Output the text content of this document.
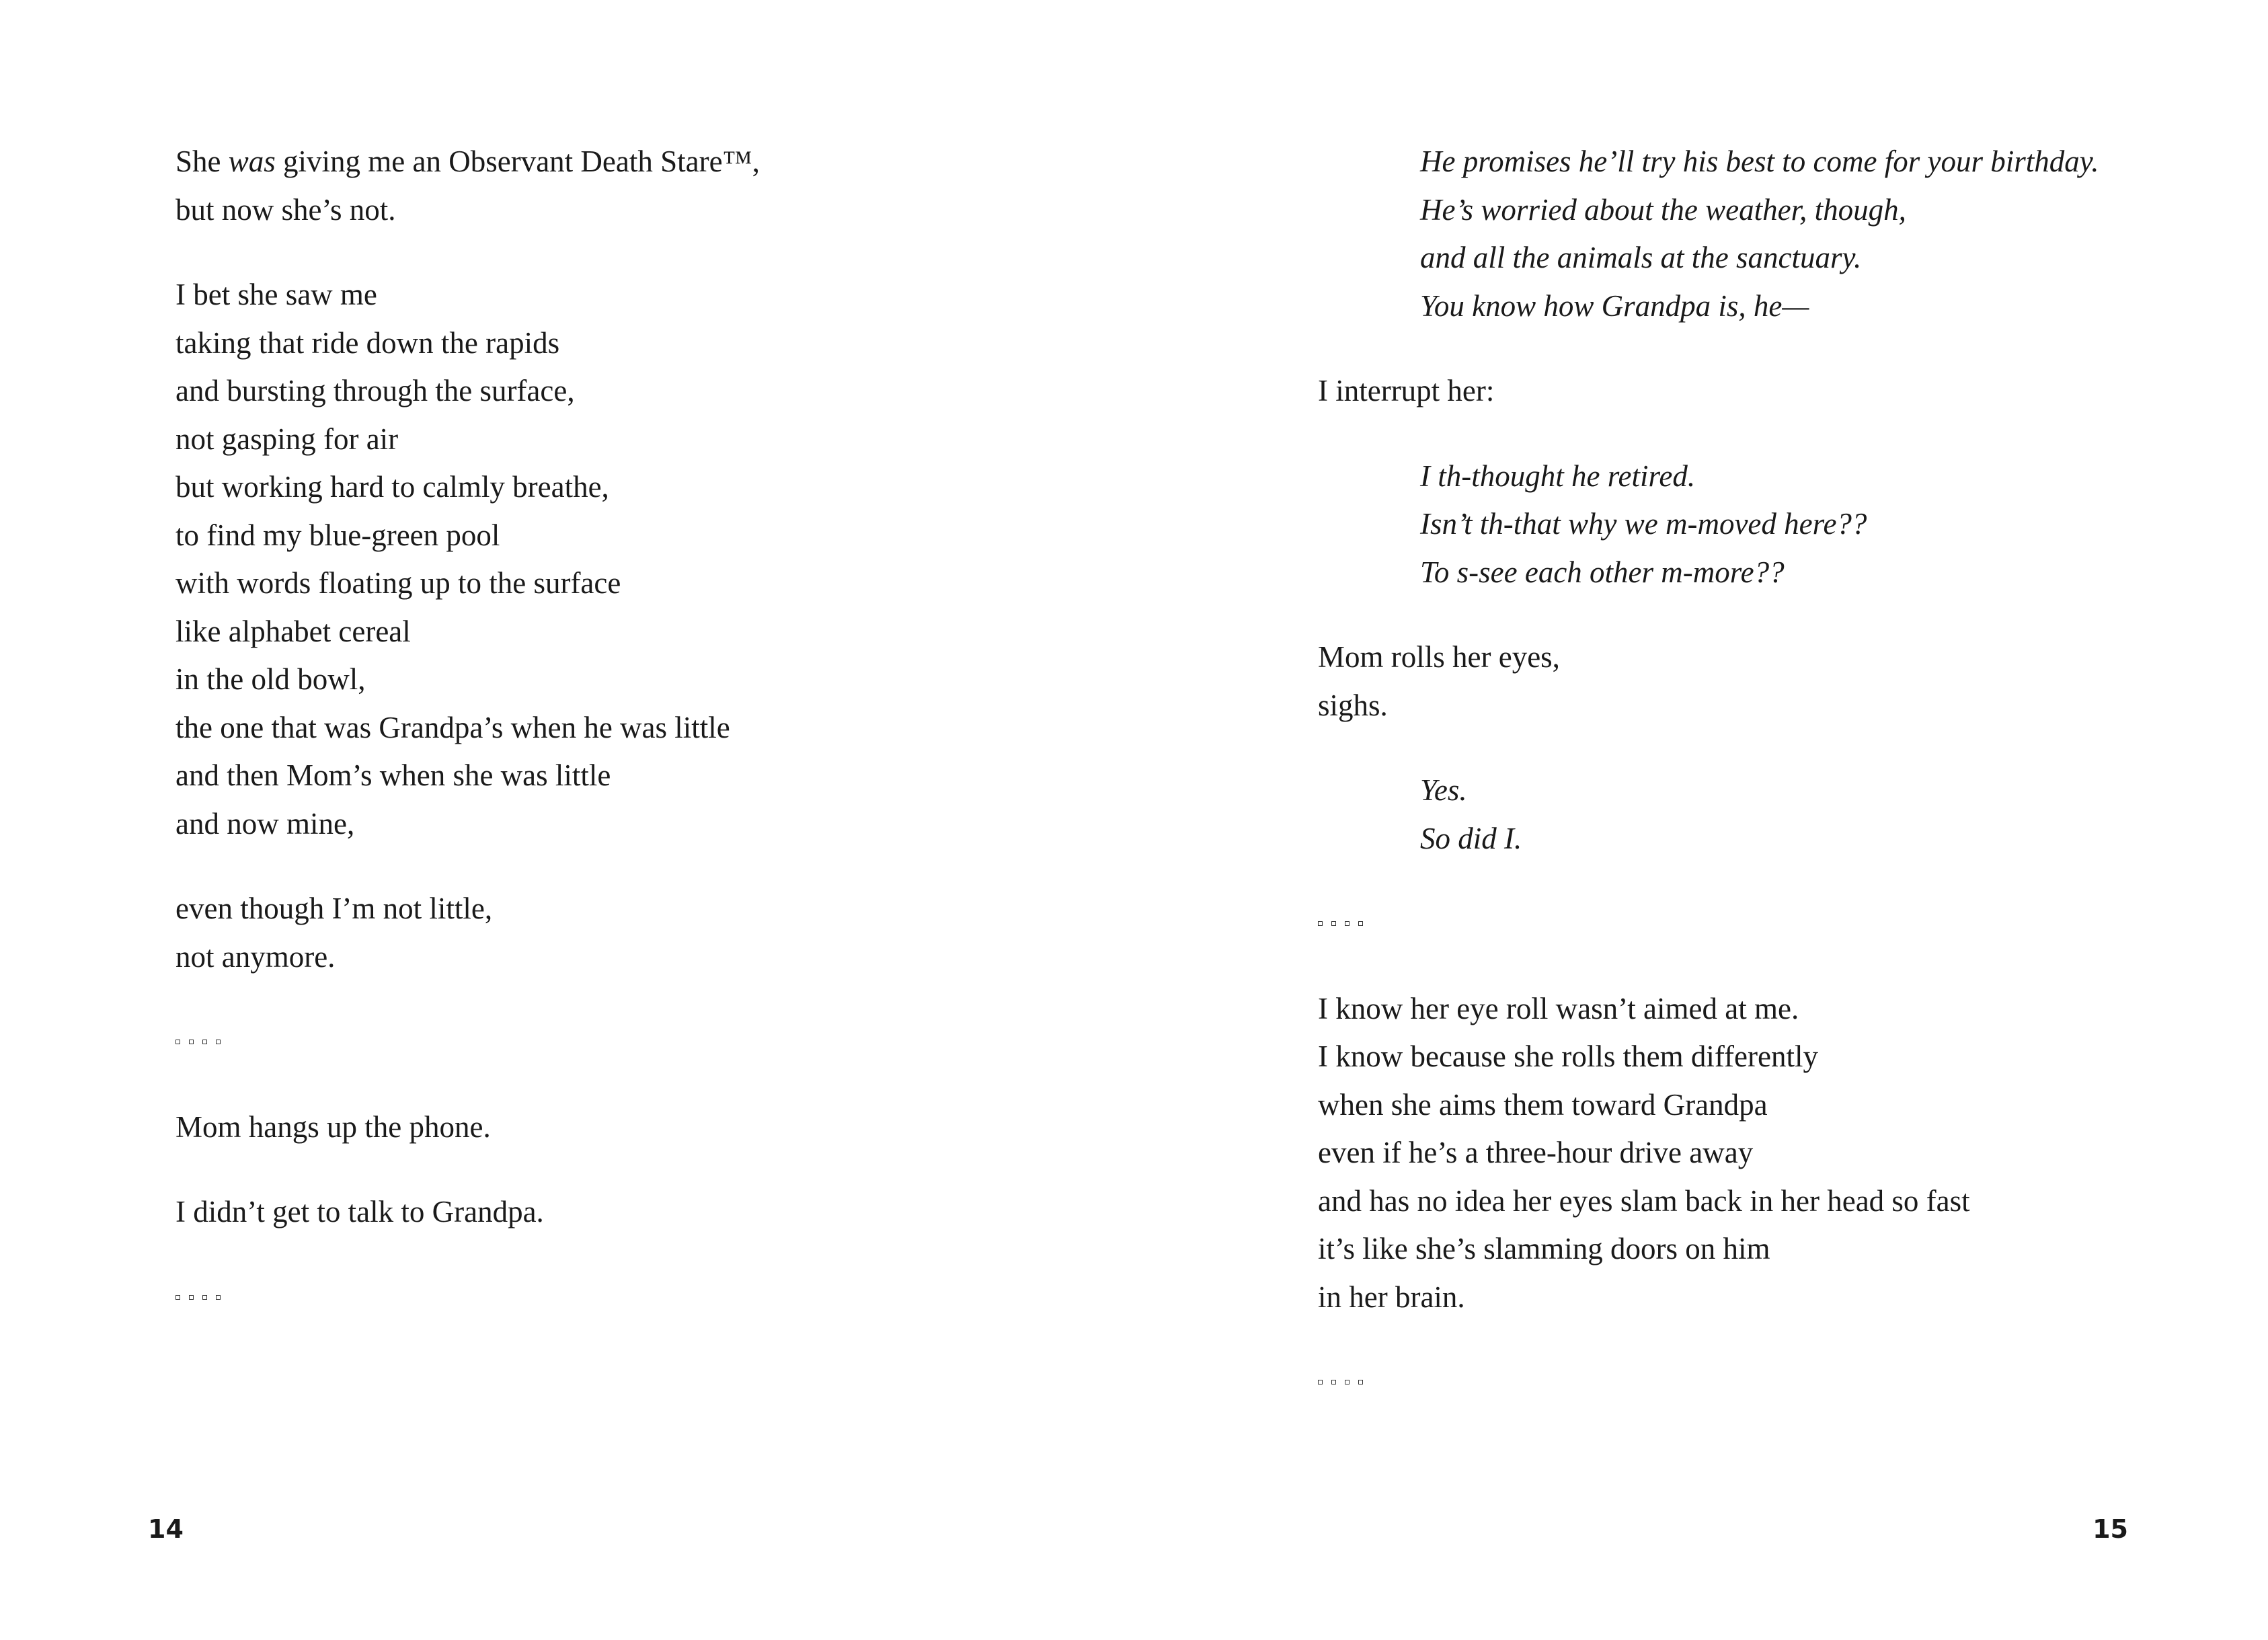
She was giving me an Observant Death Stare™,
but now she’s not.
I bet she saw me
taking that ride down the rapids
and bursting through the surface,
not gasping for air
but working hard to calmly breathe,
to find my blue-green pool
with words floating up to the surface
like alphabet cereal
in the old bowl,
the one that was Grandpa’s when he was little
and then Mom’s when she was little
and now mine,
even though I’m not little,
not anymore.
Mom hangs up the phone.
I didn’t get to talk to Grandpa.
14
He promises he’ll try his best to come for your birthday.
He’s worried about the weather, though,
and all the animals at the sanctuary.
You know how Grandpa is, he—
I interrupt her:
I th-thought he retired.
Isn’t th-that why we m-moved here??
To s-see each other m-more??
Mom rolls her eyes,
sighs.
Yes.
So did I.
I know her eye roll wasn’t aimed at me.
I know because she rolls them differently
when she aims them toward Grandpa
even if he’s a three-hour drive away
and has no idea her eyes slam back in her head so fast
it’s like she’s slamming doors on him
in her brain.
15
